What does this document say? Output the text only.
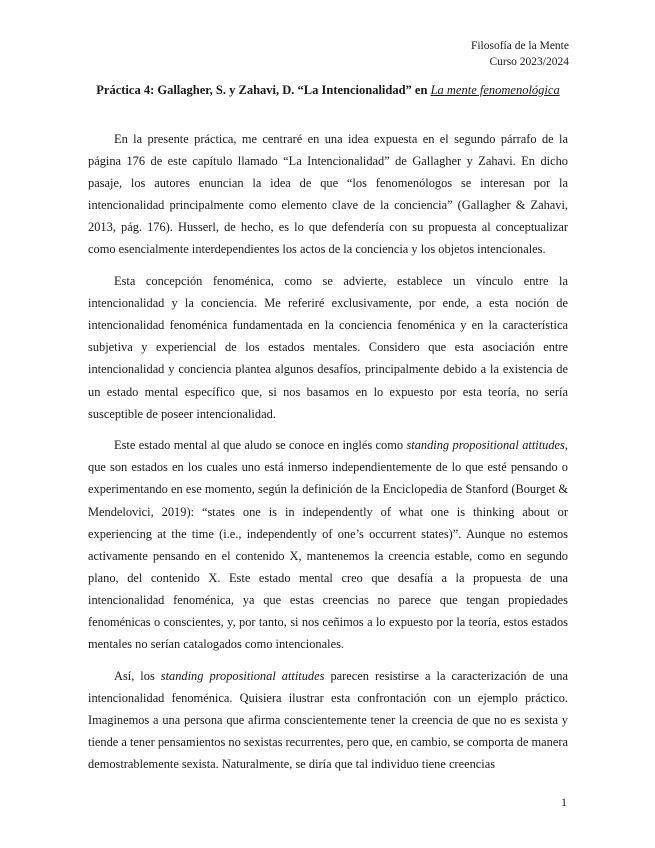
Filosofía de la Mente
Curso 2023/2024
Práctica 4: Gallagher, S. y Zahavi, D. “La Intencionalidad” en La mente fenomenológica

En la presente práctica, me centraré en una idea expuesta en el segundo párrafo de la página 176 de este capítulo llamado “La Intencionalidad” de Gallagher y Zahavi. En dicho pasaje, los autores enuncian la idea de que “los fenomenólogos se interesan por la intencionalidad principalmente como elemento clave de la conciencia” (Gallagher & Zahavi, 2013, pág. 176). Husserl, de hecho, es lo que defendería con su propuesta al conceptualizar como esencialmente interdependientes los actos de la conciencia y los objetos intencionales.

Esta concepción fenoménica, como se advierte, establece un vínculo entre la intencionalidad y la conciencia. Me referiré exclusivamente, por ende, a esta noción de intencionalidad fenoménica fundamentada en la conciencia fenoménica y en la característica subjetiva y experiencial de los estados mentales. Considero que esta asociación entre intencionalidad y conciencia plantea algunos desafíos, principalmente debido a la existencia de un estado mental específico que, si nos basamos en lo expuesto por esta teoría, no sería susceptible de poseer intencionalidad.

Este estado mental al que aludo se conoce en inglés como standing propositional attitudes, que son estados en los cuales uno está inmerso independientemente de lo que esté pensando o experimentando en ese momento, según la definición de la Enciclopedia de Stanford (Bourget & Mendelovici, 2019): “states one is in independently of what one is thinking about or experiencing at the time (i.e., independently of one’s occurrent states)”. Aunque no estemos activamente pensando en el contenido X, mantenemos la creencia estable, como en segundo plano, del contenido X. Este estado mental creo que desafía a la propuesta de una intencionalidad fenoménica, ya que estas creencias no parece que tengan propiedades fenoménicas o conscientes, y, por tanto, si nos ceñimos a lo expuesto por la teoría, estos estados mentales no serían catalogados como intencionales.

Así, los standing propositional attitudes parecen resistirse a la caracterización de una intencionalidad fenoménica. Quisiera ilustrar esta confrontación con un ejemplo práctico. Imaginemos a una persona que afirma conscientemente tener la creencia de que no es sexista y tiende a tener pensamientos no sexistas recurrentes, pero que, en cambio, se comporta de manera demostrablemente sexista. Naturalmente, se diría que tal individuo tiene creencias

1
